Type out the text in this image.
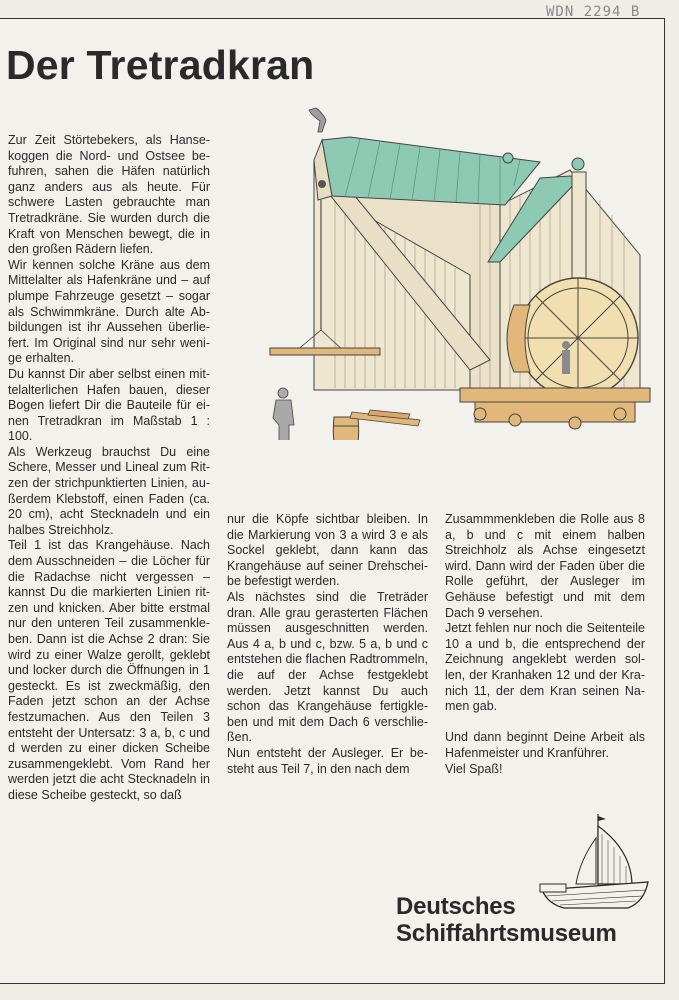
WDN 2294 B
Der Tretradkran

Zur Zeit Störtebekers, als Hansekoggen die Nord- und Ostsee befuhren, sahen die Häfen natürlich ganz anders aus als heute. Für schwere Lasten gebrauchte man Tretradkräne. Sie wurden durch die Kraft von Menschen bewegt, die in den großen Rädern liefen.

Wir kennen solche Kräne aus dem Mittelalter als Hafenkräne und – auf plumpe Fahrzeuge gesetzt – sogar als Schwimmkräne. Durch alte Abbildungen ist ihr Aussehen überliefert. Im Original sind nur sehr wenige erhalten.

Du kannst Dir aber selbst einen mittelalterlichen Hafen bauen, dieser Bogen liefert Dir die Bauteile für einen Tretradkran im Maßstab 1 : 100.

Als Werkzeug brauchst Du eine Schere, Messer und Lineal zum Ritzen der strichpunktierten Linien, außerdem Klebstoff, einen Faden (ca. 20 cm), acht Stecknadeln und ein halbes Streichholz.

Teil 1 ist das Krangehäuse. Nach dem Ausschneiden – die Löcher für die Radachse nicht vergessen – kannst Du die markierten Linien ritzen und knicken. Aber bitte erstmal nur den unteren Teil zusammenkleben. Dann ist die Achse 2 dran: Sie wird zu einer Walze gerollt, geklebt und locker durch die Öffnungen in 1 gesteckt. Es ist zweckmäßig, den Faden jetzt schon an der Achse festzumachen. Aus den Teilen 3 entsteht der Untersatz: 3 a, b, c und d werden zu einer dicken Scheibe zusammengeklebt. Vom Rand her werden jetzt die acht Stecknadeln in diese Scheibe gesteckt, so daß

nur die Köpfe sichtbar bleiben. In die Markierung von 3 a wird 3 e als Sockel geklebt, dann kann das Krangehäuse auf seiner Drehscheibe befestigt werden.

Als nächstes sind die Treträder dran. Alle grau gerasterten Flächen müssen ausgeschnitten werden. Aus 4 a, b und c, bzw. 5 a, b und c entstehen die flachen Radtrommeln, die auf der Achse festgeklebt werden. Jetzt kannst Du auch schon das Krangehäuse fertigkleben und mit dem Dach 6 verschließen.

Nun entsteht der Ausleger. Er besteht aus Teil 7, in den nach dem

Zusammmenkleben die Rolle aus 8 a, b und c mit einem halben Streichholz als Achse eingesetzt wird. Dann wird der Faden über die Rolle geführt, der Ausleger im Gehäuse befestigt und mit dem Dach 9 versehen.

Jetzt fehlen nur noch die Seitenteile 10 a und b, die entsprechend der Zeichnung angeklebt werden sollen, der Kranhaken 12 und der Kranich 11, der dem Kran seinen Namen gab.

Und dann beginnt Deine Arbeit als Hafenmeister und Kranführer.

Viel Spaß!

Deutsches
Schiffahrtsmuseum
